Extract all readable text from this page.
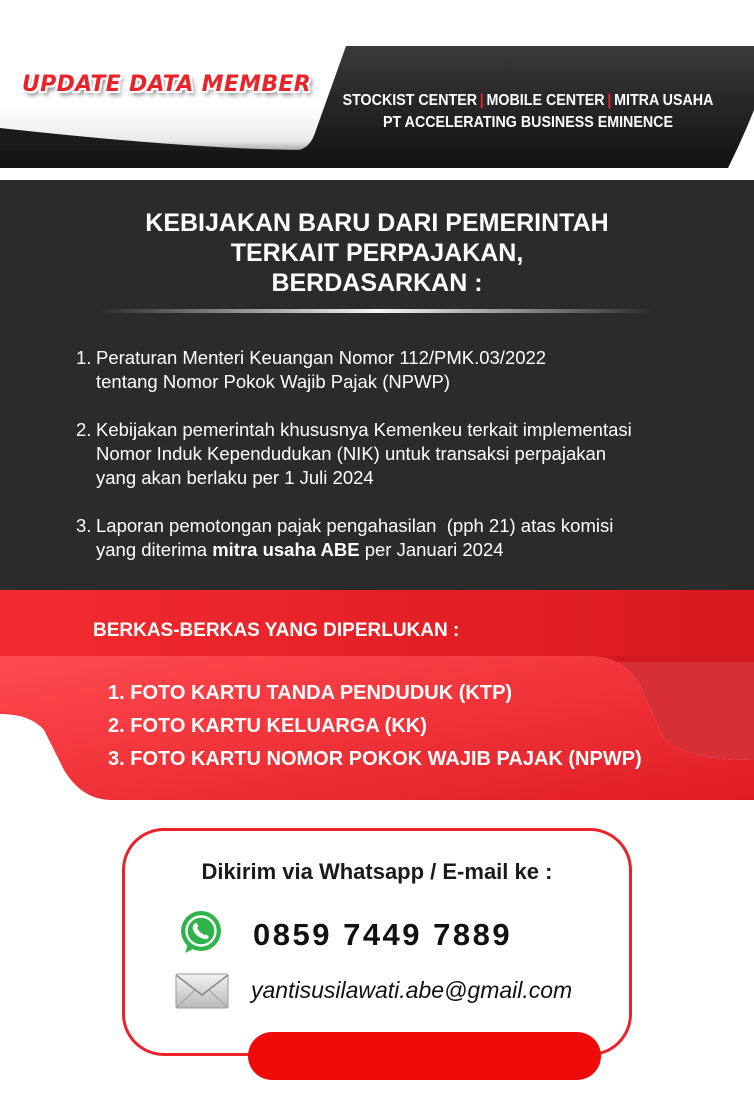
UPDATE DATA MEMBER
STOCKIST CENTER | MOBILE CENTER | MITRA USAHA
PT ACCELERATING BUSINESS EMINENCE
KEBIJAKAN BARU DARI PEMERINTAH
TERKAIT PERPAJAKAN,
BERDASARKAN :
1. Peraturan Menteri Keuangan Nomor 112/PMK.03/2022
tentang Nomor Pokok Wajib Pajak (NPWP)
2. Kebijakan pemerintah khususnya Kemenkeu terkait implementasi
Nomor Induk Kependudukan (NIK) untuk transaksi perpajakan
yang akan berlaku per 1 Juli 2024
3. Laporan pemotongan pajak pengahasilan  (pph 21) atas komisi
yang diterima mitra usaha ABE per Januari 2024
BERKAS-BERKAS YANG DIPERLUKAN :
1. FOTO KARTU TANDA PENDUDUK (KTP)
2. FOTO KARTU KELUARGA (KK)
3. FOTO KARTU NOMOR POKOK WAJIB PAJAK (NPWP)
Dikirim via Whatsapp / E-mail ke :
0859 7449 7889
yantisusilawati.abe@gmail.com
